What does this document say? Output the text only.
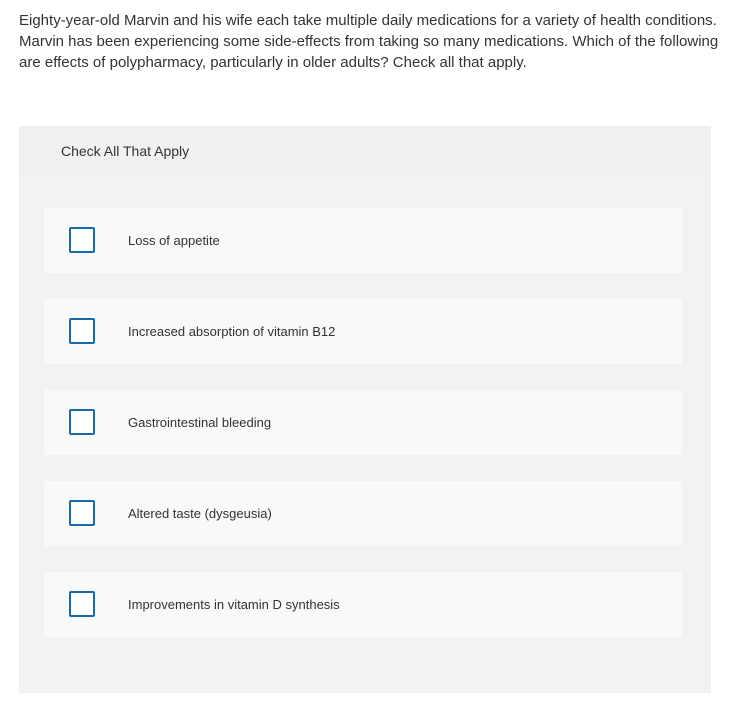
Eighty-year-old Marvin and his wife each take multiple daily medications for a variety of health conditions. Marvin has been experiencing some side-effects from taking so many medications. Which of the following are effects of polypharmacy, particularly in older adults? Check all that apply.
Check All That Apply
Loss of appetite
Increased absorption of vitamin B12
Gastrointestinal bleeding
Altered taste (dysgeusia)
Improvements in vitamin D synthesis
